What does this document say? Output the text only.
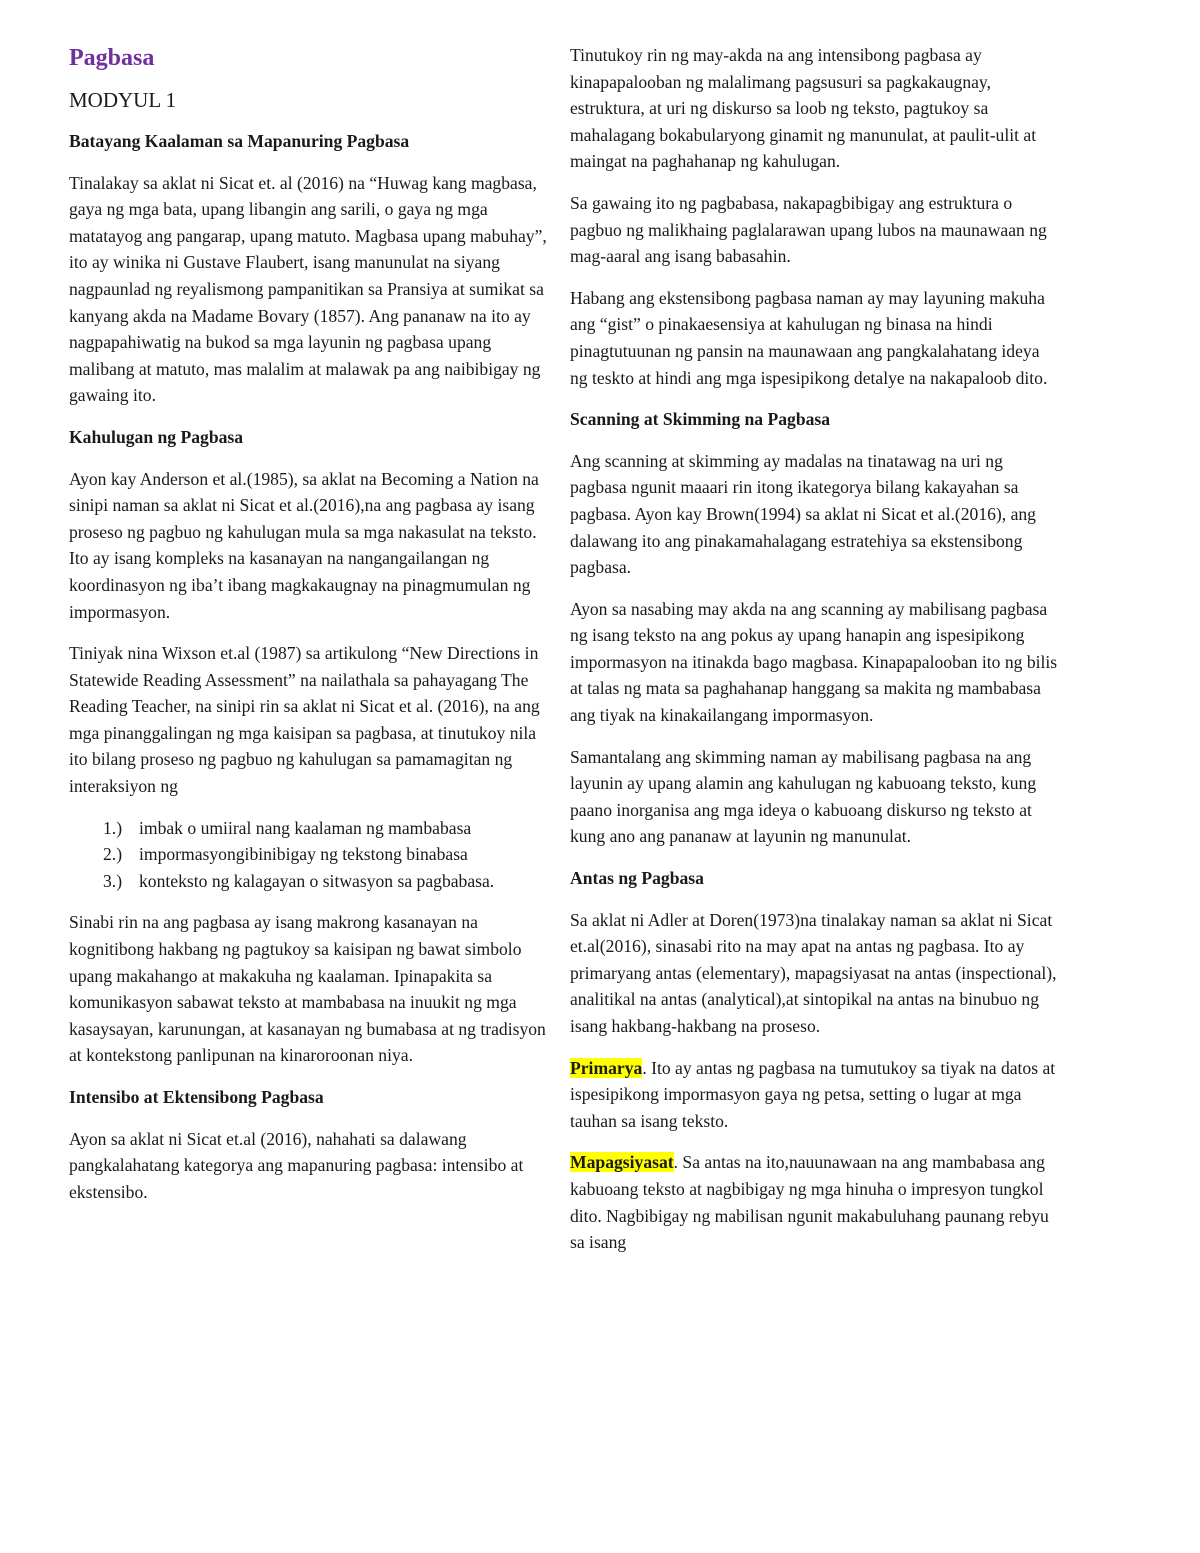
Pagbasa
MODYUL 1
Batayang Kaalaman sa Mapanuring Pagbasa

Tinalakay sa aklat ni Sicat et. al (2016) na “Huwag kang magbasa, gaya ng mga bata, upang libangin ang sarili, o gaya ng mga matatayog ang pangarap, upang matuto. Magbasa upang mabuhay”, ito ay winika ni Gustave Flaubert, isang manunulat na siyang nagpaunlad ng reyalismong pampanitikan sa Pransiya at sumikat sa kanyang akda na Madame Bovary (1857). Ang pananaw na ito ay nagpapahiwatig na bukod sa mga layunin ng pagbasa upang malibang at matuto, mas malalim at malawak pa ang naibibigay ng gawaing ito.

Kahulugan ng Pagbasa

Ayon kay Anderson et al.(1985), sa aklat na Becoming a Nation na sinipi naman sa aklat ni Sicat et al.(2016),na ang pagbasa ay isang proseso ng pagbuo ng kahulugan mula sa mga nakasulat na teksto. Ito ay isang kompleks na kasanayan na nangangailangan ng koordinasyon ng iba’t ibang magkakaugnay na pinagmumulan ng impormasyon.

Tiniyak nina Wixson et.al (1987) sa artikulong “New Directions in Statewide Reading Assessment” na nailathala sa pahayagang The Reading Teacher, na sinipi rin sa aklat ni Sicat et al. (2016), na ang mga pinanggalingan ng mga kaisipan sa pagbasa, at tinutukoy nila ito bilang proseso ng pagbuo ng kahulugan sa pamamagitan ng interaksiyon ng

1.) imbak o umiiral nang kaalaman ng mambabasa
2.) impormasyongibinibigay ng tekstong binabasa
3.) konteksto ng kalagayan o sitwasyon sa pagbabasa.

Sinabi rin na ang pagbasa ay isang makrong kasanayan na kognitibong hakbang ng pagtukoy sa kaisipan ng bawat simbolo upang makahango at makakuha ng kaalaman. Ipinapakita sa komunikasyon sabawat teksto at mambabasa na inuukit ng mga kasaysayan, karunungan, at kasanayan ng bumabasa at ng tradisyon at kontekstong panlipunan na kinaroroonan niya.

Intensibo at Ektensibong Pagbasa

Ayon sa aklat ni Sicat et.al (2016), nahahati sa dalawang pangkalahatang kategorya ang mapanuring pagbasa: intensibo at ekstensibo.

Tinutukoy rin ng may-akda na ang intensibong pagbasa ay kinapapalooban ng malalimang pagsusuri sa pagkakaugnay, estruktura, at uri ng diskurso sa loob ng teksto, pagtukoy sa mahalagang bokabularyong ginamit ng manunulat, at paulit-ulit at maingat na paghahanap ng kahulugan.

Sa gawaing ito ng pagbabasa, nakapagbibigay ang estruktura o pagbuo ng malikhaing paglalarawan upang lubos na maunawaan ng mag-aaral ang isang babasahin.

Habang ang ekstensibong pagbasa naman ay may layuning makuha ang “gist” o pinakaesensiya at kahulugan ng binasa na hindi pinagtutuunan ng pansin na maunawaan ang pangkalahatang ideya ng teskto at hindi ang mga ispesipikong detalye na nakapaloob dito.

Scanning at Skimming na Pagbasa

Ang scanning at skimming ay madalas na tinatawag na uri ng pagbasa ngunit maaari rin itong ikategorya bilang kakayahan sa pagbasa. Ayon kay Brown(1994) sa aklat ni Sicat et al.(2016), ang dalawang ito ang pinakamahalagang estratehiya sa ekstensibong pagbasa.

Ayon sa nasabing may akda na ang scanning ay mabilisang pagbasa ng isang teksto na ang pokus ay upang hanapin ang ispesipikong impormasyon na itinakda bago magbasa. Kinapapalooban ito ng bilis at talas ng mata sa paghahanap hanggang sa makita ng mambabasa ang tiyak na kinakailangang impormasyon.

Samantalang ang skimming naman ay mabilisang pagbasa na ang layunin ay upang alamin ang kahulugan ng kabuoang teksto, kung paano inorganisa ang mga ideya o kabuoang diskurso ng teksto at kung ano ang pananaw at layunin ng manunulat.

Antas ng Pagbasa

Sa aklat ni Adler at Doren(1973)na tinalakay naman sa aklat ni Sicat et.al(2016), sinasabi rito na may apat na antas ng pagbasa. Ito ay primaryang antas (elementary), mapagsiyasat na antas (inspectional), analitikal na antas (analytical),at sintopikal na antas na binubuo ng isang hakbang-hakbang na proseso.

Primarya. Ito ay antas ng pagbasa na tumutukoy sa tiyak na datos at ispesipikong impormasyon gaya ng petsa, setting o lugar at mga tauhan sa isang teksto.

Mapagsiyasat. Sa antas na ito,nauunawaan na ang mambabasa ang kabuoang teksto at nagbibigay ng mga hinuha o impresyon tungkol dito. Nagbibigay ng mabilisan ngunit makabuluhang paunang rebyu sa isang
